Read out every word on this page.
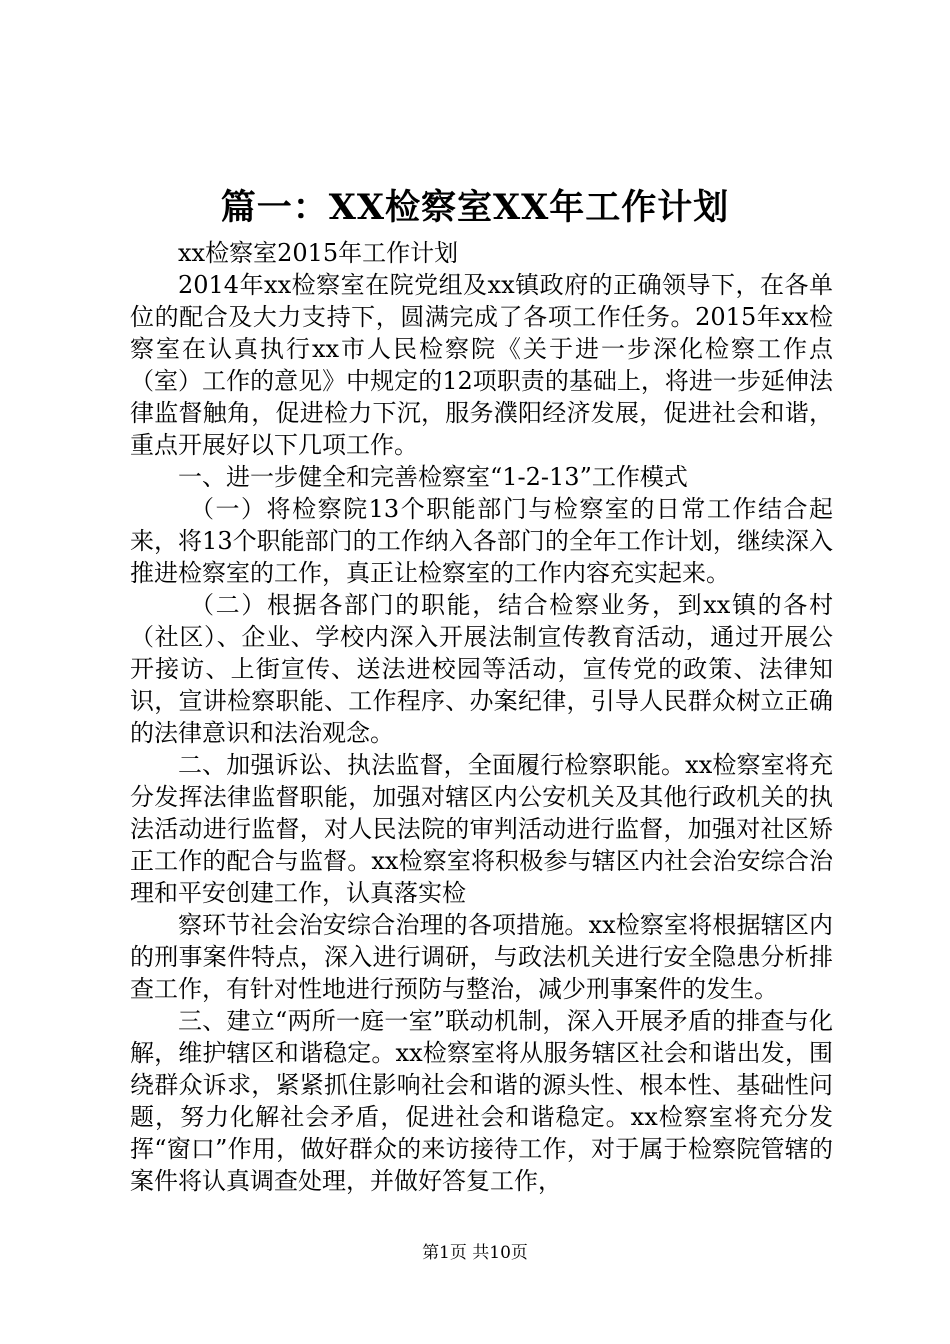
篇一：XX检察室XX年工作计划

xx检察室2015年工作计划

2014年xx检察室在院党组及xx镇政府的正确领导下，在各单位的配合及大力支持下，圆满完成了各项工作任务。2015年xx检察室在认真执行xx市人民检察院《关于进一步深化检察工作点（室）工作的意见》中规定的12项职责的基础上，将进一步延伸法律监督触角，促进检力下沉，服务濮阳经济发展，促进社会和谐，重点开展好以下几项工作。

一、进一步健全和完善检察室“1-2-13”工作模式

（一）将检察院13个职能部门与检察室的日常工作结合起来，将13个职能部门的工作纳入各部门的全年工作计划，继续深入推进检察室的工作，真正让检察室的工作内容充实起来。

（二）根据各部门的职能，结合检察业务，到xx镇的各村（社区）、企业、学校内深入开展法制宣传教育活动，通过开展公开接访、上街宣传、送法进校园等活动，宣传党的政策、法律知识，宣讲检察职能、工作程序、办案纪律，引导人民群众树立正确的法律意识和法治观念。

二、加强诉讼、执法监督，全面履行检察职能。xx检察室将充分发挥法律监督职能，加强对辖区内公安机关及其他行政机关的执法活动进行监督，对人民法院的审判活动进行监督，加强对社区矫正工作的配合与监督。xx检察室将积极参与辖区内社会治安综合治理和平安创建工作，认真落实检

察环节社会治安综合治理的各项措施。xx检察室将根据辖区内的刑事案件特点，深入进行调研，与政法机关进行安全隐患分析排查工作，有针对性地进行预防与整治，减少刑事案件的发生。

三、建立“两所一庭一室”联动机制，深入开展矛盾的排查与化解，维护辖区和谐稳定。xx检察室将从服务辖区社会和谐出发，围绕群众诉求，紧紧抓住影响社会和谐的源头性、根本性、基础性问题，努力化解社会矛盾，促进社会和谐稳定。xx检察室将充分发挥“窗口”作用，做好群众的来访接待工作，对于属于检察院管辖的案件将认真调查处理，并做好答复工作，

第1页 共10页
